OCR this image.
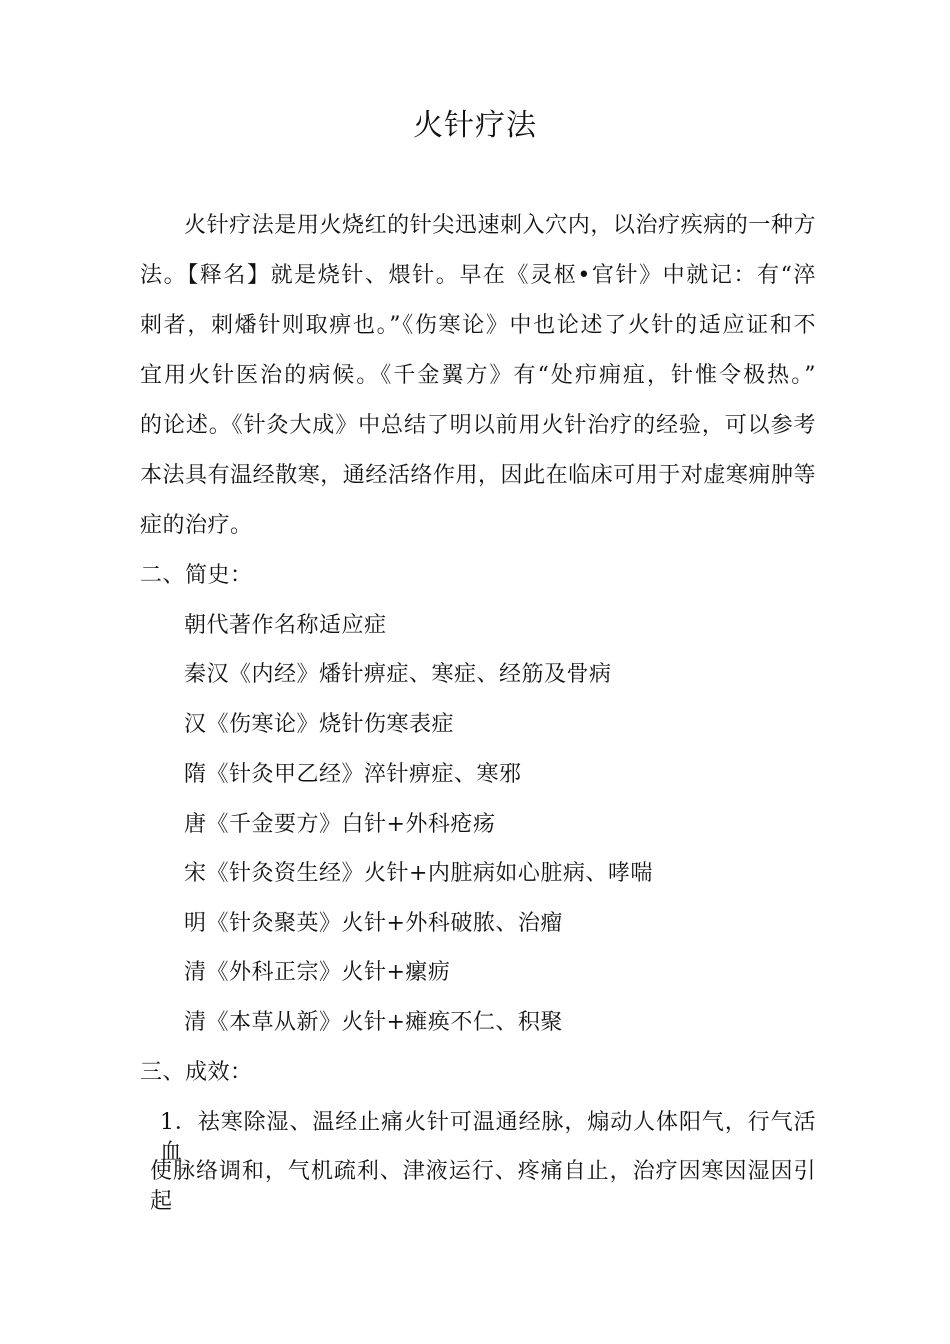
火针疗法
火针疗法是用火烧红的针尖迅速刺入穴内，以治疗疾病的一种方
法。【释名】就是烧针、煨针。早在《灵枢•官针》中就记：有“淬
刺者，刺燔针则取痹也。”《伤寒论》中也论述了火针的适应证和不
宜用火针医治的病候。《千金翼方》有“处疖痈疽，针惟令极热。”
的论述。《针灸大成》中总结了明以前用火针治疗的经验，可以参考
本法具有温经散寒，通经活络作用，因此在临床可用于对虚寒痈肿等
症的治疗。
二、简史：
朝代著作名称适应症
秦汉《内经》燔针痹症、寒症、经筋及骨病
汉《伤寒论》烧针伤寒表症
隋《针灸甲乙经》淬针痹症、寒邪
唐《千金要方》白针+外科疮疡
宋《针灸资生经》火针+内脏病如心脏病、哮喘
明《针灸聚英》火针+外科破脓、治瘤
清《外科正宗》火针+瘰疬
清《本草从新》火针+瘫痪不仁、积聚
三、成效：
1．祛寒除湿、温经止痛火针可温通经脉，煽动人体阳气，行气活血
使脉络调和，气机疏利、津液运行、疼痛自止，治疗因寒因湿因引起
